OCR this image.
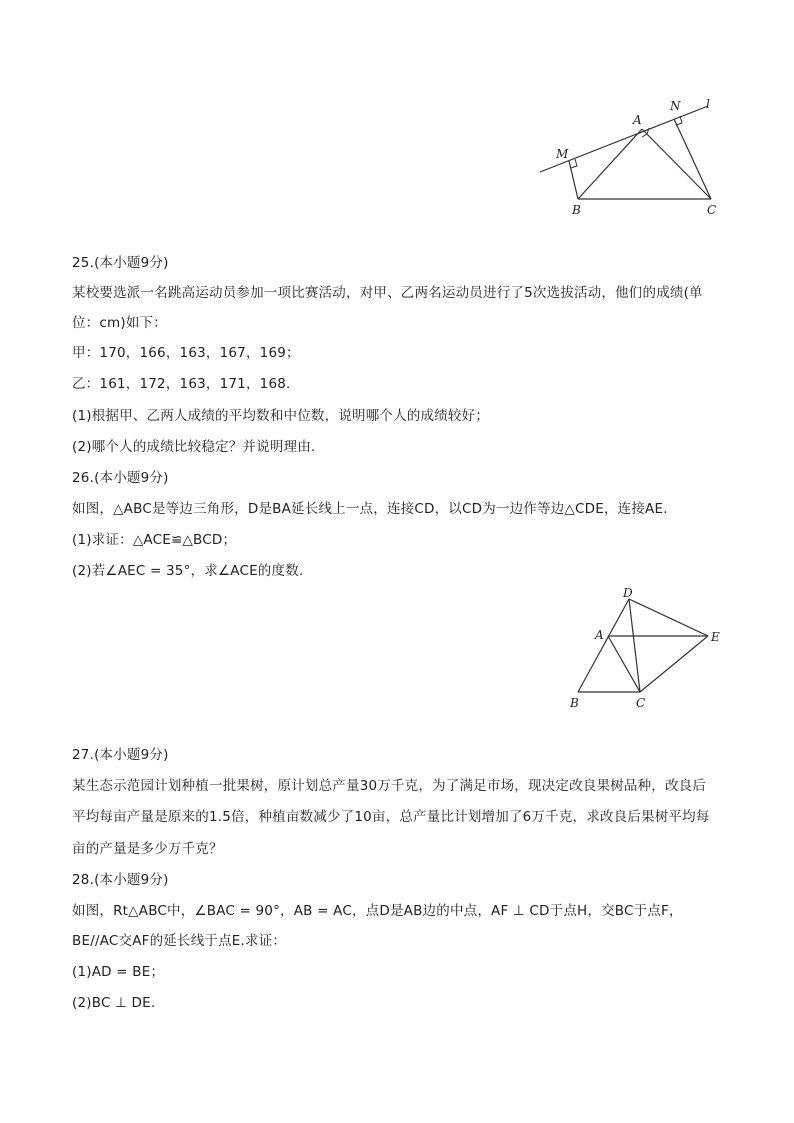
M
A
N l
B	C
25.(本小题9分)
某校要选派一名跳高运动员参加一项比赛活动，对甲、乙两名运动员进行了5次选拔活动，他们的成绩(单
位：cm)如下：
甲：170，166，163，167，169；
乙：161，172，163，171，168.
(1)根据甲、乙两人成绩的平均数和中位数，说明哪个人的成绩较好；
(2)哪个人的成绩比较稳定？并说明理由.
26.(本小题9分)
如图，△ABC是等边三角形，D是BA延长线上一点，连接CD，以CD为一边作等边△CDE，连接AE.
(1)求证：△ACE≌△BCD；
(2)若∠AEC = 35°，求∠ACE的度数.
D
A	E
B	C
27.(本小题9分)
某生态示范园计划种植一批果树，原计划总产量30万千克，为了满足市场，现决定改良果树品种，改良后
平均每亩产量是原来的1.5倍，种植亩数减少了10亩，总产量比计划增加了6万千克，求改良后果树平均每
亩的产量是多少万千克？
28.(本小题9分)
如图，Rt△ABC中，∠BAC = 90°，AB = AC，点D是AB边的中点，AF ⊥ CD于点H，交BC于点F，
BE//AC交AF的延长线于点E.求证：
(1)AD = BE；
(2)BC ⊥ DE.
